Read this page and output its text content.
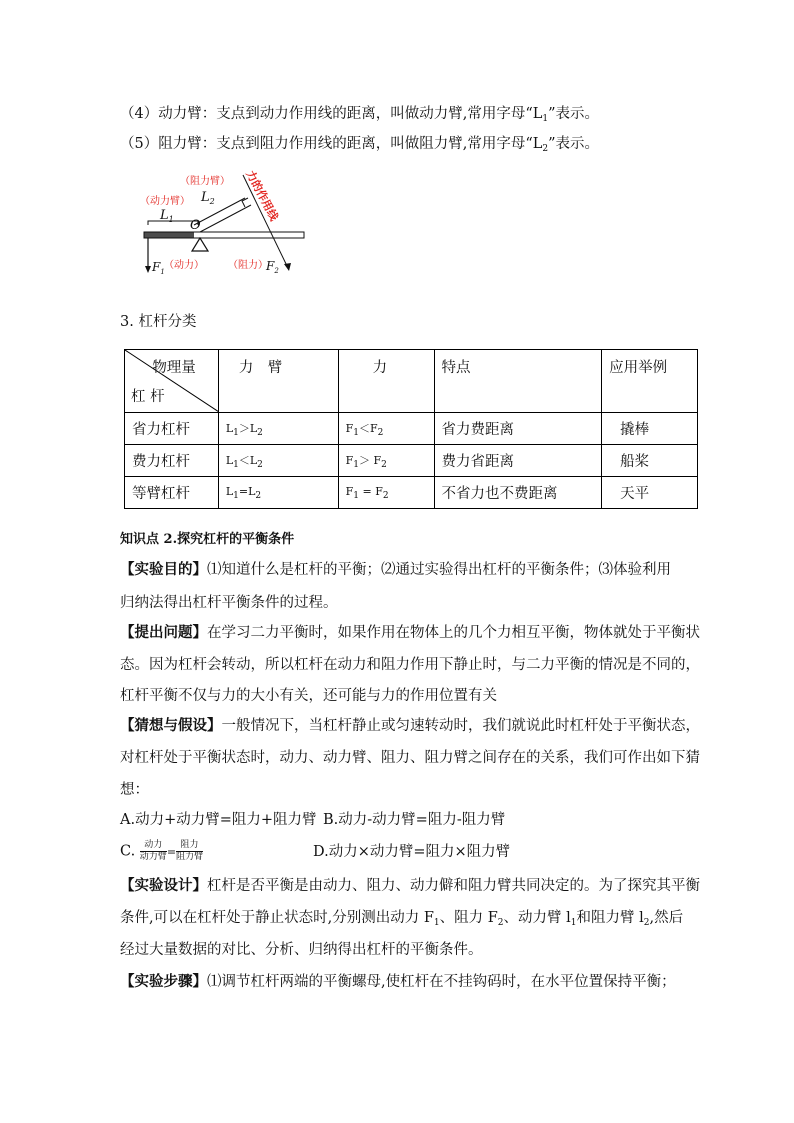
（4）动力臂：支点到动力作用线的距离，叫做动力臂,常用字母“$L_1$”表示。
（5）阻力臂：支点到阻力作用线的距离，叫做阻力臂,常用字母“$L_2$”表示。
（动力臂）
（阻力臂）
$L_1$
$L_2$
O
力的作用线
$F_1$
（动力） （阻力）
$F_2$
3. 杠杆分类
物理量
杠 杆	力　臂	力	特点	应用举例
省力杠杆	$L_1>L_2$	$F_1<F_2$	省力费距离	撬棒
费力杠杆	$L_1<L_2$	$F_1> F_2$	费力省距离	船桨
等臂杠杆	$L_1=L_2$	$F_1 = F_2$	不省力也不费距离	天平
知识点 2.探究杠杆的平衡条件
【实验目的】⑴知道什么是杠杆的平衡；⑵通过实验得出杠杆的平衡条件；⑶体验利用
归纳法得出杠杆平衡条件的过程。
【提出问题】在学习二力平衡时，如果作用在物体上的几个力相互平衡，物体就处于平衡状
态。因为杠杆会转动，所以杠杆在动力和阻力作用下静止时，与二力平衡的情况是不同的，
杠杆平衡不仅与力的大小有关，还可能与力的作用位置有关
【猜想与假设】一般情况下，当杠杆静止或匀速转动时，我们就说此时杠杆处于平衡状态，
对杠杆处于平衡状态时，动力、动力臂、阻力、阻力臂之间存在的关系，我们可作出如下猜
想：
A.动力+动力臂=阻力+阻力臂 B.动力-动力臂=阻力-阻力臂
C. $\frac{\text{动力}}{\text{动力臂}} = \frac{\text{阻力}}{\text{阻力臂}}$	D.动力×动力臂=阻力×阻力臂
【实验设计】杠杆是否平衡是由动力、阻力、动力僻和阻力臂共同决定的。为了探究其平衡
条件,可以在杠杆处于静止状态时,分别测出动力 $F_1$、阻力 $F_2$、动力臂 $l_1$和阻力臂 $l_2$,然后
经过大量数据的对比、分析、归纳得出杠杆的平衡条件。
【实验步骤】⑴调节杠杆两端的平衡螺母,使杠杆在不挂钩码时，在水平位置保持平衡；
